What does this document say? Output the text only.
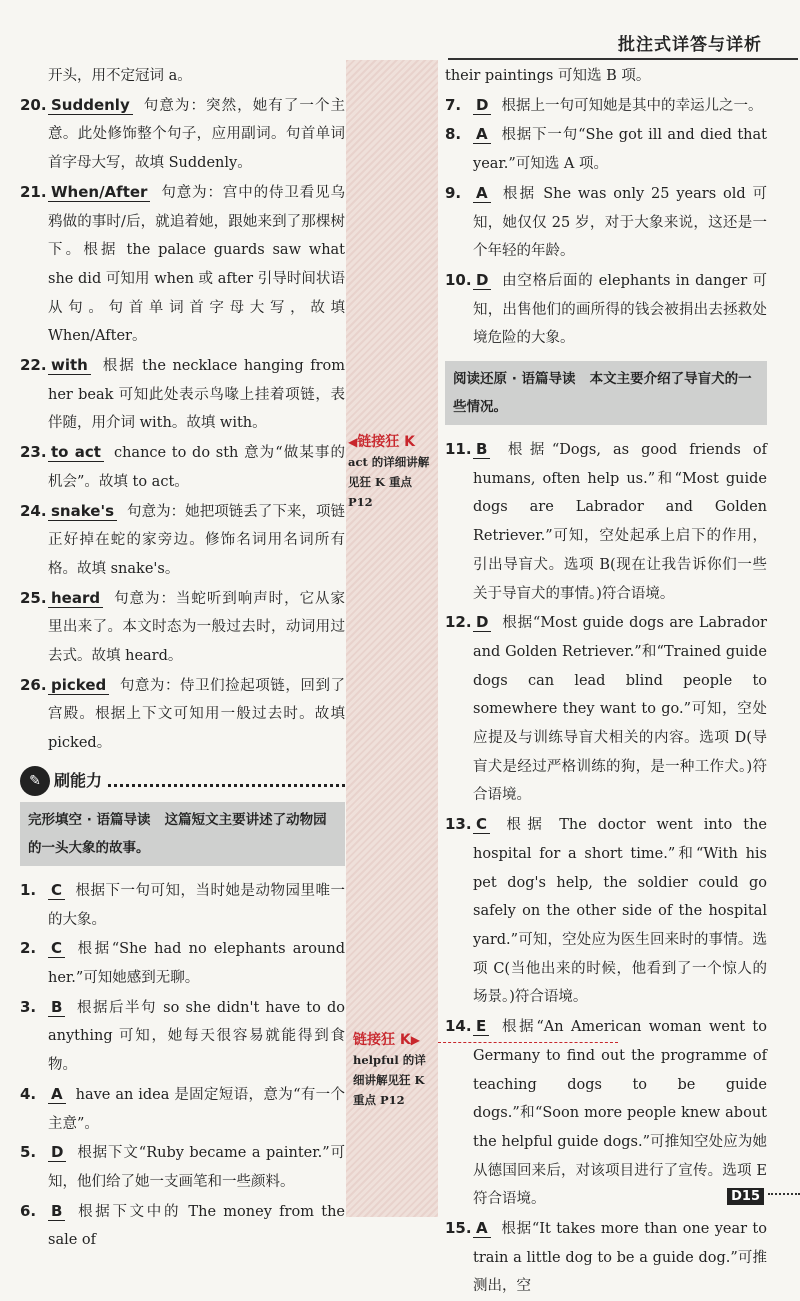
批注式详答与详析

开头，用不定冠词 a。

20. Suddenly 句意为：突然，她有了一个主意。此处修饰整个句子，应用副词。句首单词首字母大写，故填 Suddenly。

21. When/After 句意为：宫中的侍卫看见乌鸦做的事时/后，就追着她，跟她来到了那棵树下。根据 the palace guards saw what she did 可知用 when 或 after 引导时间状语从句。句首单词首字母大写，故填 When/After。

22. with 根据 the necklace hanging from her beak 可知此处表示鸟喙上挂着项链，表伴随，用介词 with。故填 with。

23. to act chance to do sth 意为“做某事的机会”。故填 to act。

24. snake's 句意为：她把项链丢了下来，项链正好掉在蛇的家旁边。修饰名词用名词所有格。故填 snake's。

25. heard 句意为：当蛇听到响声时，它从家里出来了。本文时态为一般过去时，动词用过去式。故填 heard。

26. picked 句意为：侍卫们捡起项链，回到了宫殿。根据上下文可知用一般过去时。故填 picked。

✎ 刷能力
完形填空 · 语篇导读 这篇短文主要讲述了动物园的一头大象的故事。
1. C 根据下一句可知，当时她是动物园里唯一的大象。

2. C 根据“She had no elephants around her.”可知她感到无聊。

3. B 根据后半句 so she didn't have to do anything 可知，她每天很容易就能得到食物。

4. A have an idea 是固定短语，意为“有一个主意”。

5. D 根据下文“Ruby became a painter.”可知，他们给了她一支画笔和一些颜料。

6. B 根据下文中的 The money from the sale of

their paintings 可知选 B 项。

7. D 根据上一句可知她是其中的幸运儿之一。

8. A 根据下一句“She got ill and died that year.”可知选 A 项。

9. A 根据 She was only 25 years old 可知，她仅仅 25 岁，对于大象来说，这还是一个年轻的年龄。

10. D 由空格后面的 elephants in danger 可知，出售他们的画所得的钱会被捐出去拯救处境危险的大象。

阅读还原 · 语篇导读 本文主要介绍了导盲犬的一些情况。
11. B 根据“Dogs, as good friends of humans, often help us.”和“Most guide dogs are Labrador and Golden Retriever.”可知，空处起承上启下的作用，引出导盲犬。选项 B(现在让我告诉你们一些关于导盲犬的事情。)符合语境。

12. D 根据“Most guide dogs are Labrador and Golden Retriever.”和“Trained guide dogs can lead blind people to somewhere they want to go.”可知，空处应提及与训练导盲犬相关的内容。选项 D(导盲犬是经过严格训练的狗，是一种工作犬。)符合语境。

13. C 根据 The doctor went into the hospital for a short time.”和“With his pet dog's help, the soldier could go safely on the other side of the hospital yard.”可知，空处应为医生回来时的事情。选项 C(当他出来的时候，他看到了一个惊人的场景。)符合语境。

14. E 根据“An American woman went to Germany to find out the programme of teaching dogs to be guide dogs.”和“Soon more people knew about the helpful guide dogs.”可推知空处应为她从德国回来后，对该项目进行了宣传。选项 E 符合语境。

15. A 根据“It takes more than one year to train a little dog to be a guide dog.”可推测出，空

◀链接狂 K
act 的详细讲解见狂 K 重点 P12
链接狂 K▶
helpful 的详细讲解见狂 K 重点 P12
D15
